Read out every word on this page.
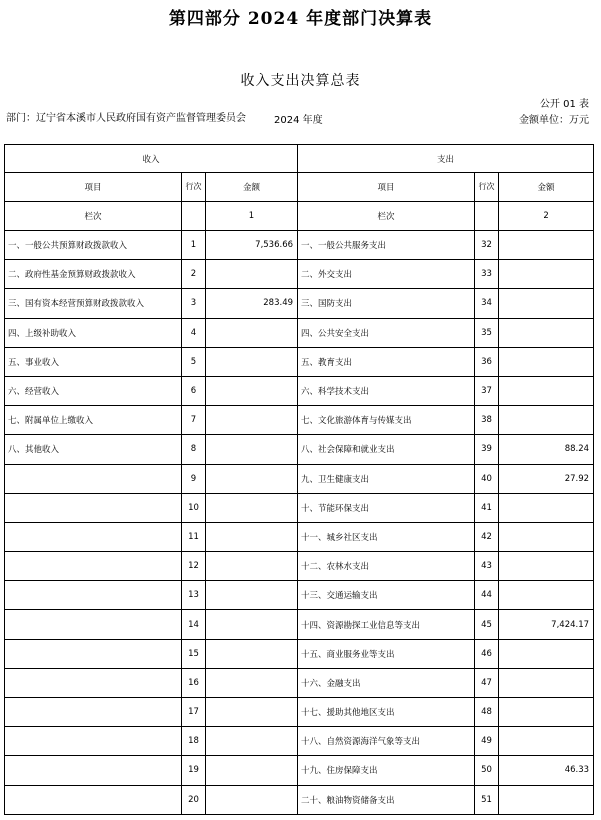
第四部分 2024 年度部门决算表
收入支出决算总表
公开 01 表
部门：辽宁省本溪市人民政府国有资产监督管理委员会	2024 年度	金额单位：万元
收入			支出		
项目	行次	金额	项目	行次	金额
栏次		1	栏次		2
一、一般公共预算财政拨款收入	1	7,536.66	一、一般公共服务支出	32	
二、政府性基金预算财政拨款收入	2		二、外交支出	33	
三、国有资本经营预算财政拨款收入	3	283.49	三、国防支出	34	
四、上级补助收入	4		四、公共安全支出	35	
五、事业收入	5		五、教育支出	36	
六、经营收入	6		六、科学技术支出	37	
七、附属单位上缴收入	7		七、文化旅游体育与传媒支出	38	
八、其他收入	8		八、社会保障和就业支出	39	88.24
	9		九、卫生健康支出	40	27.92
	10		十、节能环保支出	41	
	11		十一、城乡社区支出	42	
	12		十二、农林水支出	43	
	13		十三、交通运输支出	44	
	14		十四、资源勘探工业信息等支出	45	7,424.17
	15		十五、商业服务业等支出	46	
	16		十六、金融支出	47	
	17		十七、援助其他地区支出	48	
	18		十八、自然资源海洋气象等支出	49	
	19		十九、住房保障支出	50	46.33
	20		二十、粮油物资储备支出	51	
